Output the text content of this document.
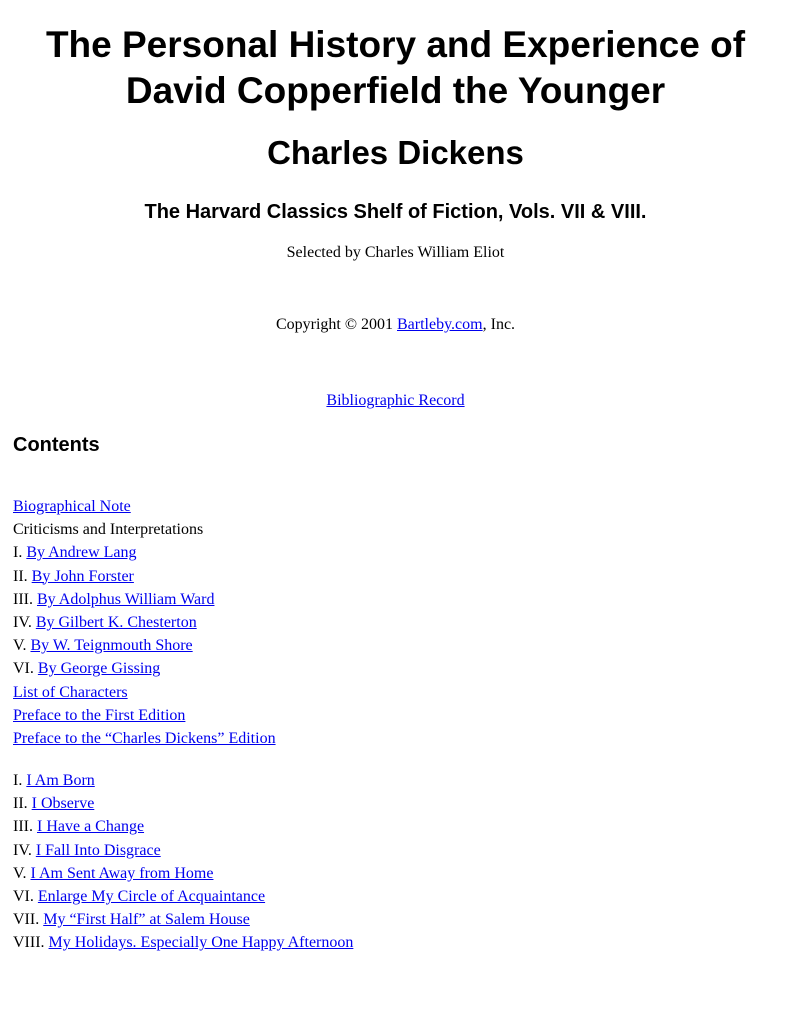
The Personal History and Experience of
David Copperfield the Younger
Charles Dickens
The Harvard Classics Shelf of Fiction, Vols. VII & VIII.
Selected by Charles William Eliot
Copyright © 2001 Bartleby.com, Inc.
Bibliographic Record
Contents
Biographical Note
Criticisms and Interpretations
I. By Andrew Lang
II. By John Forster
III. By Adolphus William Ward
IV. By Gilbert K. Chesterton
V. By W. Teignmouth Shore
VI. By George Gissing
List of Characters
Preface to the First Edition
Preface to the “Charles Dickens” Edition
I. I Am Born
II. I Observe
III. I Have a Change
IV. I Fall Into Disgrace
V. I Am Sent Away from Home
VI. Enlarge My Circle of Acquaintance
VII. My “First Half” at Salem House
VIII. My Holidays. Especially One Happy Afternoon
